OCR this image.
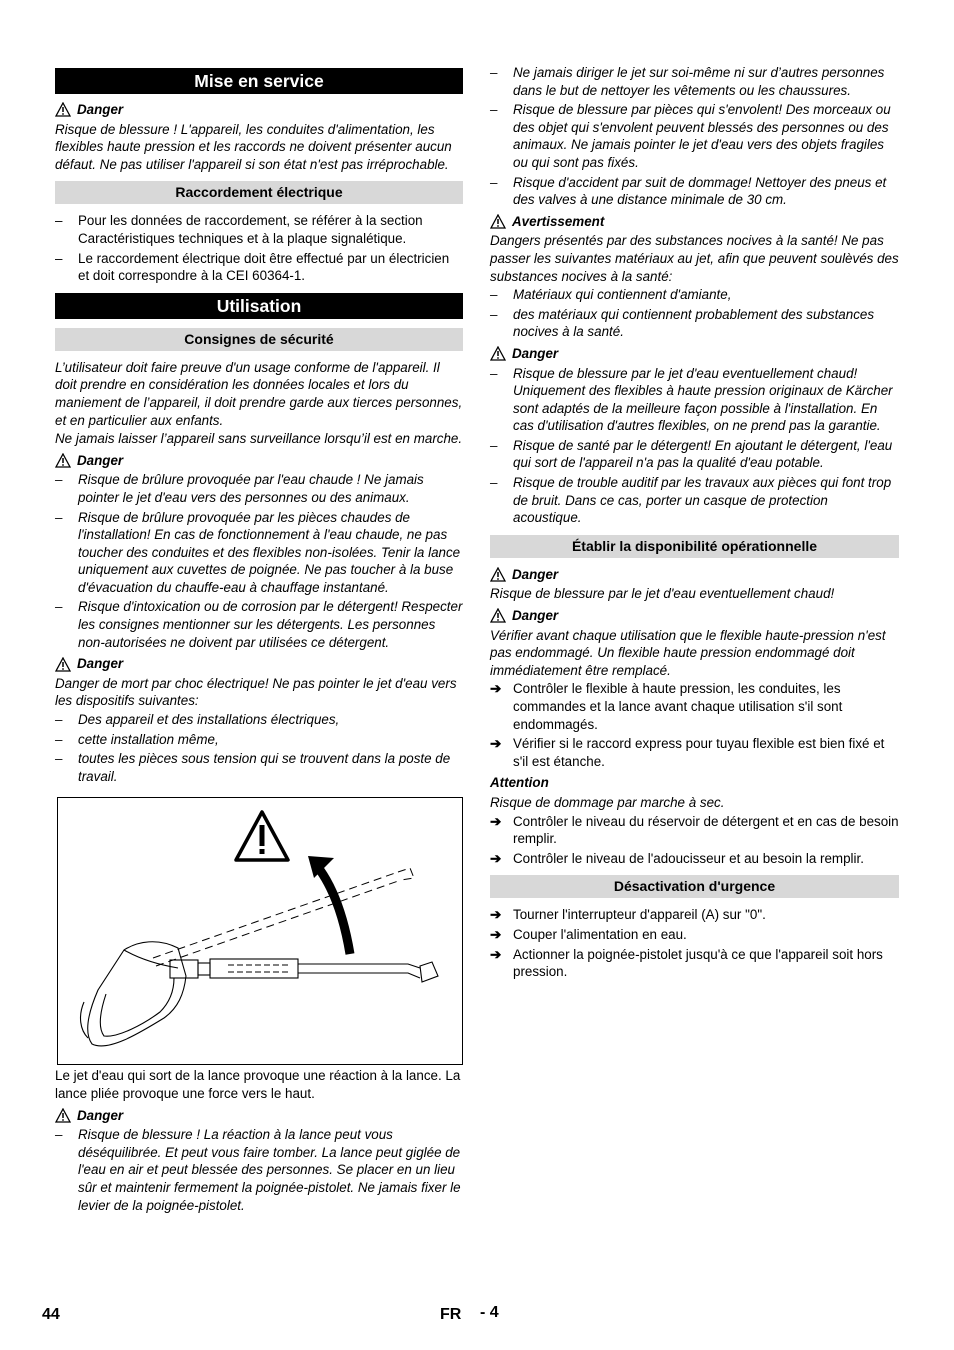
Mise en service
Danger
Risque de blessure ! L'appareil, les conduites d'alimentation, les flexibles haute pression et les raccords ne doivent présenter aucun défaut. Ne pas utiliser l'appareil si son état n'est pas irréprochable.
Raccordement électrique
– Pour les données de raccordement, se référer à la section Caractéristiques techniques et à la plaque signalétique.
– Le raccordement électrique doit être effectué par un électricien et doit correspondre à la CEI 60364-1.
Utilisation
Consignes de sécurité
L’utilisateur doit faire preuve d'un usage conforme de l'appareil. Il doit prendre en considération les données locales et lors du maniement de l’appareil, il doit prendre garde aux tierces personnes, et en particulier aux enfants.
Ne jamais laisser l’appareil sans surveillance lorsqu’il est en marche.
Danger
– Risque de brûlure provoquée par l'eau chaude ! Ne jamais pointer le jet d'eau vers des personnes ou des animaux.
– Risque de brûlure provoquée par les pièces chaudes de l'installation! En cas de fonctionnement à l'eau chaude, ne pas toucher des conduites et des flexibles non-isolées. Tenir la lance uniquement aux cuvettes de poignée. Ne pas toucher à la buse d'évacuation du chauffe-eau à chauffage instantané.
– Risque d'intoxication ou de corrosion par le détergent! Respecter les consignes mentionner sur les détergents. Les personnes non-autorisées ne doivent par utilisées ce détergent.
Danger
Danger de mort par choc électrique! Ne pas pointer le jet d'eau vers les dispositifs suivantes:
– Des appareil et des installations électriques,
– cette installation même,
– toutes les pièces sous tension qui se trouvent dans la poste de travail.
Le jet d'eau qui sort de la lance provoque une réaction à la lance. La lance pliée provoque une force vers le haut.
Danger
– Risque de blessure ! La réaction à la lance peut vous déséquilibrée. Et peut vous faire tomber. La lance peut giglée de l'eau en air et peut blessée des personnes. Se placer en un lieu sûr et maintenir fermement la poignée-pistolet. Ne jamais fixer le levier de la poignée-pistolet.
– Ne jamais diriger le jet sur soi-même ni sur d’autres personnes dans le but de nettoyer les vêtements ou les chaussures.
– Risque de blessure par pièces qui s'envolent! Des morceaux ou des objet qui s'envolent peuvent blessés des personnes ou des animaux. Ne jamais pointer le jet d'eau vers des objets fragiles ou qui sont pas fixés.
– Risque d'accident par suit de dommage! Nettoyer des pneus et des valves à une distance minimale de 30 cm.
Avertissement
Dangers présentés par des substances nocives à la santé! Ne pas passer les suivantes matériaux au jet, afin que peuvent soulèvés des substances nocives à la santé:
– Matériaux qui contiennent d'amiante,
– des matériaux qui contiennent probablement des substances nocives à la santé.
Danger
– Risque de blessure par le jet d'eau eventuellement chaud! Uniquement des flexibles à haute pression originaux de Kärcher sont adaptés de la meilleure façon possible à l'installation. En cas d'utilisation d'autres flexibles, on ne prend pas la garantie.
– Risque de santé par le détergent! En ajoutant le détergent, l'eau qui sort de l'appareil n'a pas la qualité d'eau potable.
– Risque de trouble auditif par les travaux aux pièces qui font trop de bruit. Dans ce cas, porter un casque de protection acoustique.
Établir la disponibilité opérationnelle
Danger
Risque de blessure par le jet d'eau eventuellement chaud!
Danger
Vérifier avant chaque utilisation que le flexible haute-pression n'est pas endommagé. Un flexible haute pression endommagé doit immédiatement être remplacé.
➔ Contrôler le flexible à haute pression, les conduites, les commandes et la lance avant chaque utilisation s'il sont endommagés.
➔ Vérifier si le raccord express pour tuyau flexible est bien fixé et s'il est étanche.
Attention
Risque de dommage par marche à sec.
➔ Contrôler le niveau du réservoir de détergent et en cas de besoin remplir.
➔ Contrôler le niveau de l'adoucisseur et au besoin la remplir.
Désactivation d'urgence
➔ Tourner l'interrupteur d'appareil (A) sur "0".
➔ Couper l'alimentation en eau.
➔ Actionner la poignée-pistolet jusqu'à ce que l'appareil soit hors pression.
44	FR - 4
